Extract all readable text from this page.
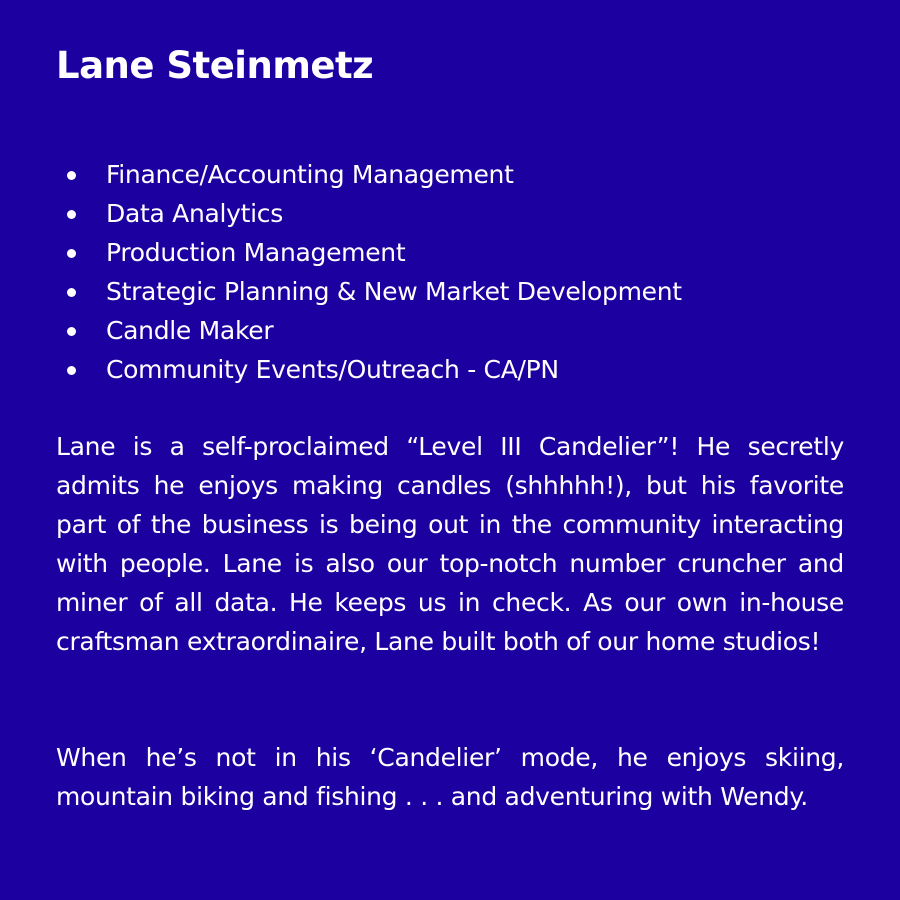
Lane Steinmetz
Finance/Accounting Management
Data Analytics
Production Management
Strategic Planning & New Market Development
Candle Maker
Community Events/Outreach - CA/PN

Lane is a self-proclaimed “Level III Candelier”! He secretly admits he enjoys making candles (shhhhh!), but his favorite part of the business is being out in the community interacting with people. Lane is also our top-notch number cruncher and miner of all data. He keeps us in check. As our own in-house craftsman extraordinaire, Lane built both of our home studios!

When he’s not in his ‘Candelier’ mode, he enjoys skiing, mountain biking and fishing . . . and adventuring with Wendy.
